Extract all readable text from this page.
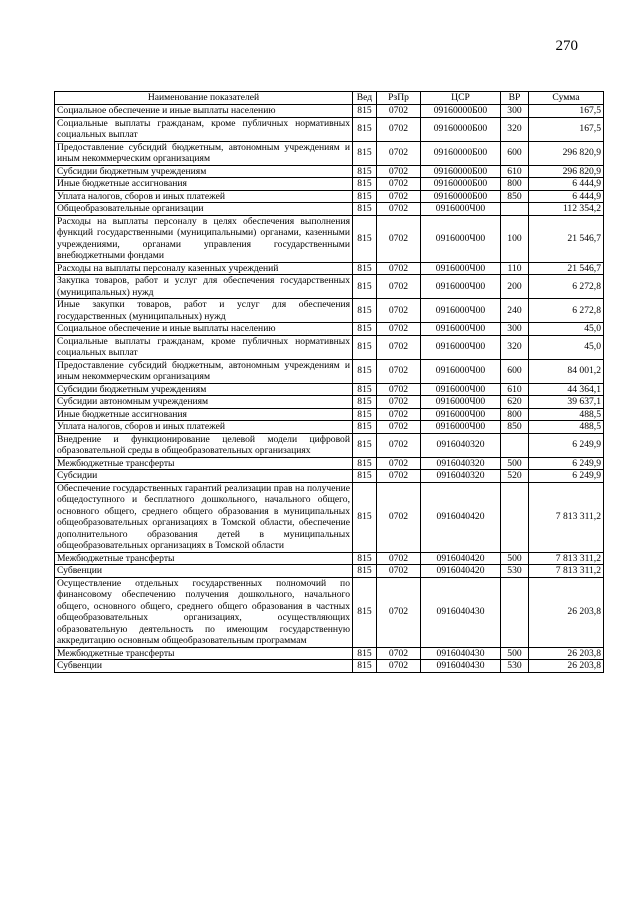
270
Наименование показателей	Вед	РзПр	ЦСР	ВР	Сумма
Социальное обеспечение и иные выплаты населению	815	0702	09160000Б00	300	167,5
Социальные выплаты гражданам, кроме публичных нормативных социальных выплат	815	0702	09160000Б00	320	167,5
Предоставление субсидий бюджетным, автономным учреждениям и иным некоммерческим организациям	815	0702	09160000Б00	600	296 820,9
Субсидии бюджетным учреждениям	815	0702	09160000Б00	610	296 820,9
Иные бюджетные ассигнования	815	0702	09160000Б00	800	6 444,9
Уплата налогов, сборов и иных платежей	815	0702	09160000Б00	850	6 444,9
Общеобразовательные организации	815	0702	0916000Ч00		112 354,2
Расходы на выплаты персоналу в целях обеспечения выполнения функций государственными (муниципальными) органами, казенными учреждениями, органами управления государственными внебюджетными фондами	815	0702	0916000Ч00	100	21 546,7
Расходы на выплаты персоналу казенных учреждений	815	0702	0916000Ч00	110	21 546,7
Закупка товаров, работ и услуг для обеспечения государственных (муниципальных) нужд	815	0702	0916000Ч00	200	6 272,8
Иные закупки товаров, работ и услуг для обеспечения государственных (муниципальных) нужд	815	0702	0916000Ч00	240	6 272,8
Социальное обеспечение и иные выплаты населению	815	0702	0916000Ч00	300	45,0
Социальные выплаты гражданам, кроме публичных нормативных социальных выплат	815	0702	0916000Ч00	320	45,0
Предоставление субсидий бюджетным, автономным учреждениям и иным некоммерческим организациям	815	0702	0916000Ч00	600	84 001,2
Субсидии бюджетным учреждениям	815	0702	0916000Ч00	610	44 364,1
Субсидии автономным учреждениям	815	0702	0916000Ч00	620	39 637,1
Иные бюджетные ассигнования	815	0702	0916000Ч00	800	488,5
Уплата налогов, сборов и иных платежей	815	0702	0916000Ч00	850	488,5
Внедрение и функционирование целевой модели цифровой образовательной среды в общеобразовательных организациях	815	0702	0916040320		6 249,9
Межбюджетные трансферты	815	0702	0916040320	500	6 249,9
Субсидии	815	0702	0916040320	520	6 249,9
Обеспечение государственных гарантий реализации прав на получение общедоступного и бесплатного дошкольного, начального общего, основного общего, среднего общего образования в муниципальных общеобразовательных организациях в Томской области, обеспечение дополнительного образования детей в муниципальных общеобразовательных организациях в Томской области	815	0702	0916040420		7 813 311,2
Межбюджетные трансферты	815	0702	0916040420	500	7 813 311,2
Субвенции	815	0702	0916040420	530	7 813 311,2
Осуществление отдельных государственных полномочий по финансовому обеспечению получения дошкольного, начального общего, основного общего, среднего общего образования в частных общеобразовательных организациях, осуществляющих образовательную деятельность по имеющим государственную аккредитацию основным общеобразовательным программам	815	0702	0916040430		26 203,8
Межбюджетные трансферты	815	0702	0916040430	500	26 203,8
Субвенции	815	0702	0916040430	530	26 203,8
